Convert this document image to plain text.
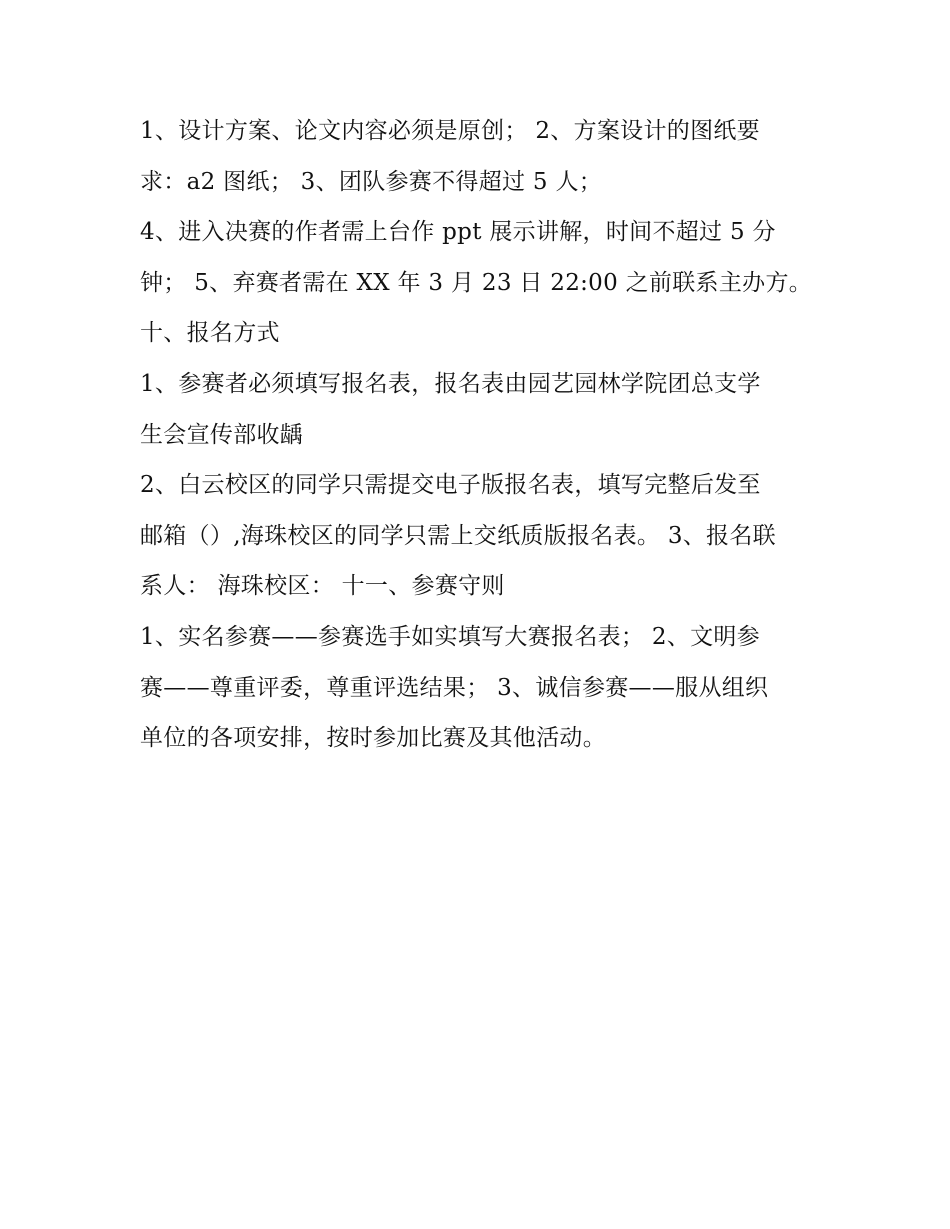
1、设计方案、论文内容必须是原创； 2、方案设计的图纸要
求：a2 图纸； 3、团队参赛不得超过 5 人；
4、进入决赛的作者需上台作 ppt 展示讲解，时间不超过 5 分
钟； 5、弃赛者需在 XX 年 3 月 23 日 22:00 之前联系主办方。
十、报名方式
1、参赛者必须填写报名表，报名表由园艺园林学院团总支学
生会宣传部收龋
2、白云校区的同学只需提交电子版报名表，填写完整后发至
邮箱（）,海珠校区的同学只需上交纸质版报名表。 3、报名联
系人： 海珠校区： 十一、参赛守则
1、实名参赛——参赛选手如实填写大赛报名表； 2、文明参
赛——尊重评委，尊重评选结果； 3、诚信参赛——服从组织
单位的各项安排，按时参加比赛及其他活动。
